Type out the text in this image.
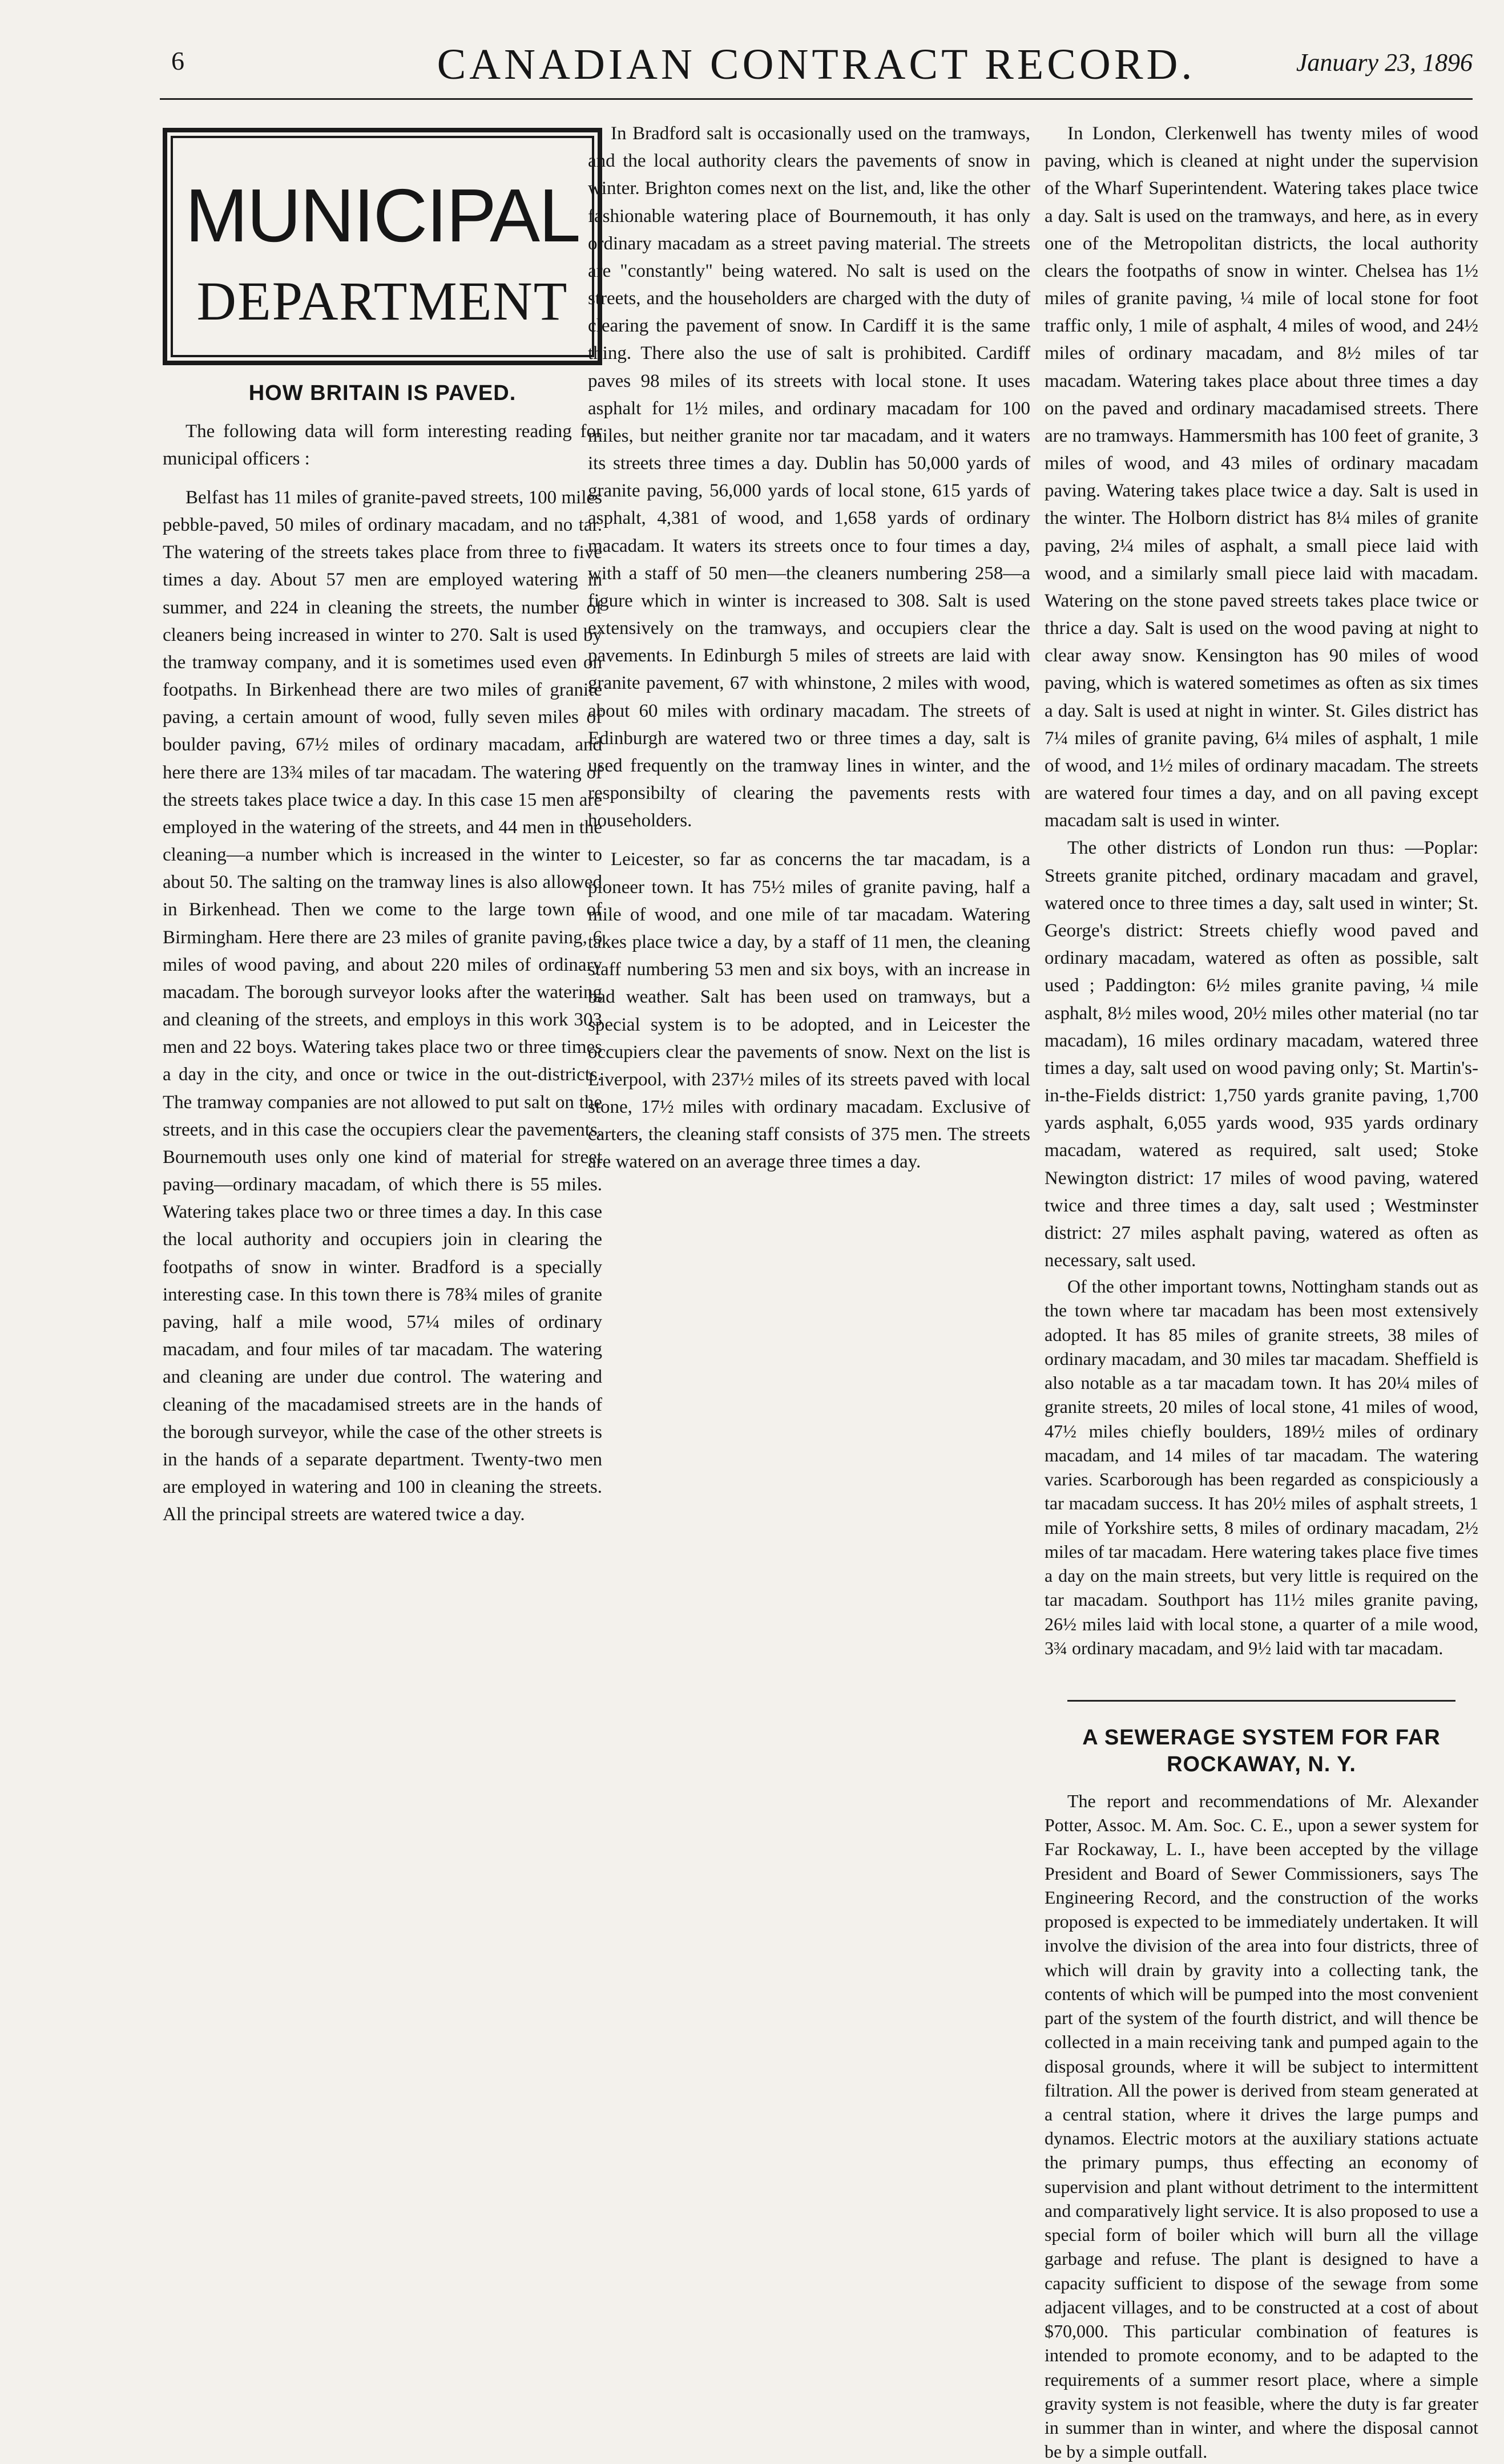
6	CANADIAN CONTRACT RECORD.	January 23, 1896
MUNICIPAL
DEPARTMENT
HOW BRITAIN IS PAVED.

The following data will form interesting reading for municipal officers :

Belfast has 11 miles of granite-paved streets, 100 miles pebble-paved, 50 miles of ordinary macadam, and no tar. The watering of the streets takes place from three to five times a day. About 57 men are employed watering in summer, and 224 in cleaning the streets, the number of cleaners being increased in winter to 270. Salt is used by the tramway company, and it is sometimes used even on footpaths. In Birkenhead there are two miles of granite paving, a certain amount of wood, fully seven miles of boulder paving, 67½ miles of ordinary macadam, and here there are 13¾ miles of tar macadam. The watering of the streets takes place twice a day. In this case 15 men are employed in the watering of the streets, and 44 men in the cleaning—a number which is increased in the winter to about 50. The salting on the tramway lines is also allowed in Birkenhead. Then we come to the large town of Birmingham. Here there are 23 miles of granite paving, 6 miles of wood paving, and about 220 miles of ordinary macadam. The borough surveyor looks after the watering and cleaning of the streets, and employs in this work 303 men and 22 boys. Watering takes place two or three times a day in the city, and once or twice in the out-districts. The tramway companies are not allowed to put salt on the streets, and in this case the occupiers clear the pavements. Bournemouth uses only one kind of material for street paving—ordinary macadam, of which there is 55 miles. Watering takes place two or three times a day. In this case the local authority and occupiers join in clearing the footpaths of snow in winter. Bradford is a specially interesting case. In this town there is 78¾ miles of granite paving, half a mile wood, 57¼ miles of ordinary macadam, and four miles of tar macadam. The watering and cleaning are under due control. The watering and cleaning of the macadamised streets are in the hands of the borough surveyor, while the case of the other streets is in the hands of a separate department. Twenty-two men are employed in watering and 100 in cleaning the streets. All the principal streets are watered twice a day.

In Bradford salt is occasionally used on the tramways, and the local authority clears the pavements of snow in winter. Brighton comes next on the list, and, like the other fashionable watering place of Bournemouth, it has only ordinary macadam as a street paving material. The streets are "constantly" being watered. No salt is used on the streets, and the householders are charged with the duty of clearing the pavement of snow. In Cardiff it is the same thing. There also the use of salt is prohibited. Cardiff paves 98 miles of its streets with local stone. It uses asphalt for 1½ miles, and ordinary macadam for 100 miles, but neither granite nor tar macadam, and it waters its streets three times a day. Dublin has 50,000 yards of granite paving, 56,000 yards of local stone, 615 yards of asphalt, 4,381 of wood, and 1,658 yards of ordinary macadam. It waters its streets once to four times a day, with a staff of 50 men—the cleaners numbering 258—a figure which in winter is increased to 308. Salt is used extensively on the tramways, and occupiers clear the pavements. In Edinburgh 5 miles of streets are laid with granite pavement, 67 with whinstone, 2 miles with wood, about 60 miles with ordinary macadam. The streets of Edinburgh are watered two or three times a day, salt is used frequently on the tramway lines in winter, and the responsibilty of clearing the pavements rests with householders.

Leicester, so far as concerns the tar macadam, is a pioneer town. It has 75½ miles of granite paving, half a mile of wood, and one mile of tar macadam. Watering takes place twice a day, by a staff of 11 men, the cleaning staff numbering 53 men and six boys, with an increase in bad weather. Salt has been used on tramways, but a special system is to be adopted, and in Leicester the occupiers clear the pavements of snow. Next on the list is Liverpool, with 237½ miles of its streets paved with local stone, 17½ miles with ordinary macadam. Exclusive of carters, the cleaning staff consists of 375 men. The streets are watered on an average three times a day.

In London, Clerkenwell has twenty miles of wood paving, which is cleaned at night under the supervision of the Wharf Superintendent. Watering takes place twice a day. Salt is used on the tramways, and here, as in every one of the Metropolitan districts, the local authority clears the footpaths of snow in winter. Chelsea has 1½ miles of granite paving, ¼ mile of local stone for foot traffic only, 1 mile of asphalt, 4 miles of wood, and 24½ miles of ordinary macadam, and 8½ miles of tar macadam. Watering takes place about three times a day on the paved and ordinary macadamised streets. There are no tramways. Hammersmith has 100 feet of granite, 3 miles of wood, and 43 miles of ordinary macadam paving. Watering takes place twice a day. Salt is used in the winter. The Holborn district has 8¼ miles of granite paving, 2¼ miles of asphalt, a small piece laid with wood, and a similarly small piece laid with macadam. Watering on the stone paved streets takes place twice or thrice a day. Salt is used on the wood paving at night to clear away snow. Kensington has 90 miles of wood paving, which is watered sometimes as often as six times a day. Salt is used at night in winter. St. Giles district has 7¼ miles of granite paving, 6¼ miles of asphalt, 1 mile of wood, and 1½ miles of ordinary macadam. The streets are watered four times a day, and on all paving except macadam salt is used in winter.

The other districts of London run thus: —Poplar: Streets granite pitched, ordinary macadam and gravel, watered once to three times a day, salt used in winter; St. George's district: Streets chiefly wood paved and ordinary macadam, watered as often as possible, salt used ; Paddington: 6½ miles granite paving, ¼ mile asphalt, 8½ miles wood, 20½ miles other material (no tar macadam), 16 miles ordinary macadam, watered three times a day, salt used on wood paving only; St. Martin's-in-the-Fields district: 1,750 yards granite paving, 1,700 yards asphalt, 6,055 yards wood, 935 yards ordinary macadam, watered as required, salt used; Stoke Newington district: 17 miles of wood paving, watered twice and three times a day, salt used ; Westminster district: 27 miles asphalt paving, watered as often as necessary, salt used.

Of the other important towns, Nottingham stands out as the town where tar macadam has been most extensively adopted. It has 85 miles of granite streets, 38 miles of ordinary macadam, and 30 miles tar macadam. Sheffield is also notable as a tar macadam town. It has 20¼ miles of granite streets, 20 miles of local stone, 41 miles of wood, 47½ miles chiefly boulders, 189½ miles of ordinary macadam, and 14 miles of tar macadam. The watering varies. Scarborough has been regarded as conspiciously a tar macadam success. It has 20½ miles of asphalt streets, 1 mile of Yorkshire setts, 8 miles of ordinary macadam, 2½ miles of tar macadam. Here watering takes place five times a day on the main streets, but very little is required on the tar macadam. Southport has 11½ miles granite paving, 26½ miles laid with local stone, a quarter of a mile wood, 3¾ ordinary macadam, and 9½ laid with tar macadam.

A SEWERAGE SYSTEM FOR FAR ROCKAWAY, N. Y.

The report and recommendations of Mr. Alexander Potter, Assoc. M. Am. Soc. C. E., upon a sewer system for Far Rockaway, L. I., have been accepted by the village President and Board of Sewer Commissioners, says The Engineering Record, and the construction of the works proposed is expected to be immediately undertaken. It will involve the division of the area into four districts, three of which will drain by gravity into a collecting tank, the contents of which will be pumped into the most convenient part of the system of the fourth district, and will thence be collected in a main receiving tank and pumped again to the disposal grounds, where it will be subject to intermittent filtration. All the power is derived from steam generated at a central station, where it drives the large pumps and dynamos. Electric motors at the auxiliary stations actuate the primary pumps, thus effecting an economy of supervision and plant without detriment to the intermittent and comparatively light service. It is also proposed to use a special form of boiler which will burn all the village garbage and refuse. The plant is designed to have a capacity sufficient to dispose of the sewage from some adjacent villages, and to be constructed at a cost of about $70,000. This particular combination of features is intended to promote economy, and to be adapted to the requirements of a summer resort place, where a simple gravity system is not feasible, where the duty is far greater in summer than in winter, and where the disposal cannot be by a simple outfall.
